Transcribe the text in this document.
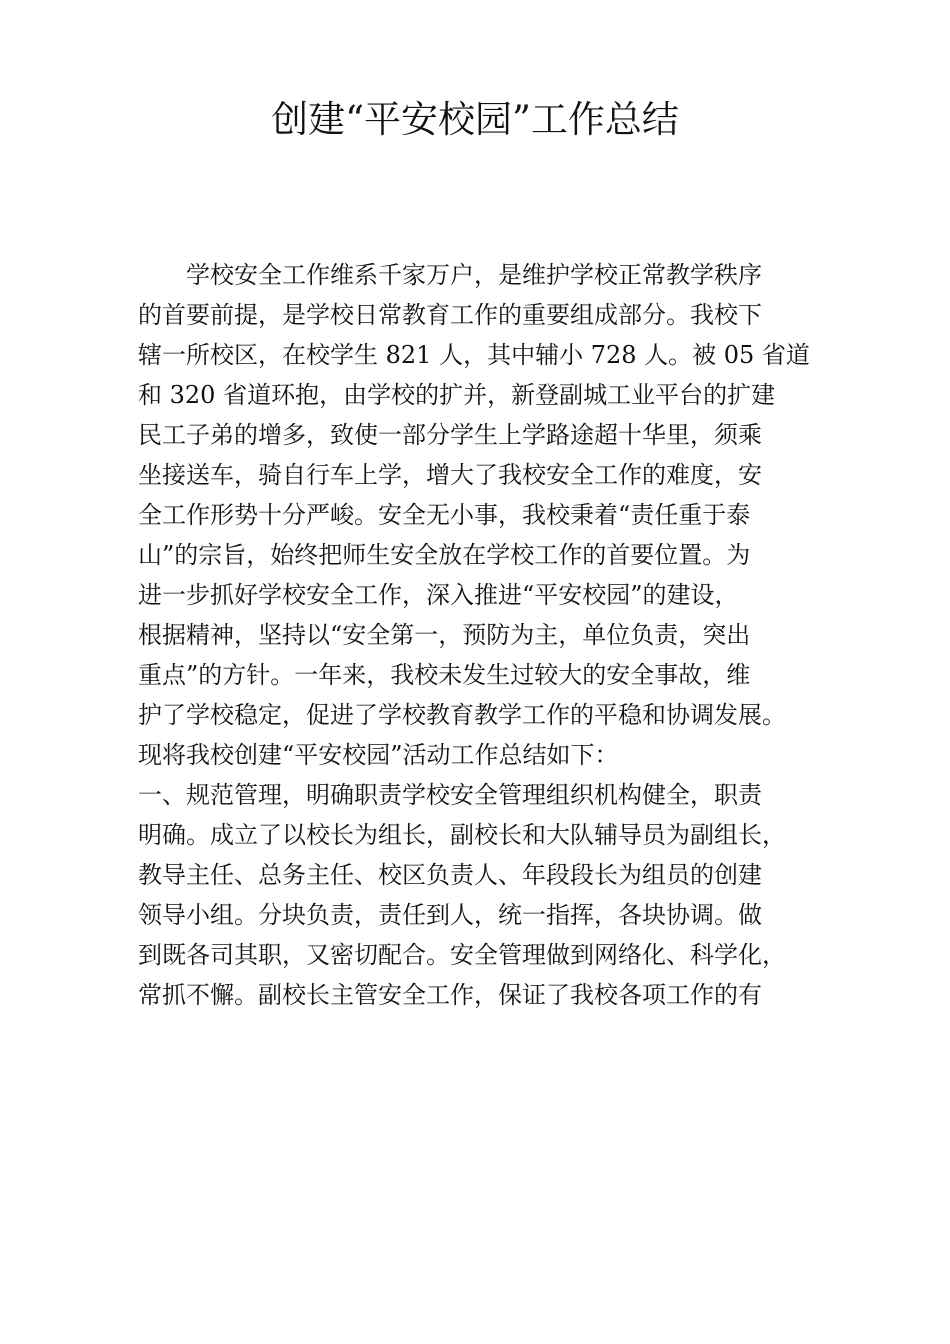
创建“平安校园”工作总结
　　学校安全工作维系千家万户，是维护学校正常教学秩序
的首要前提，是学校日常教育工作的重要组成部分。我校下
辖一所校区，在校学生 821 人，其中辅小 728 人。被 05 省道
和 320 省道环抱，由学校的扩并，新登副城工业平台的扩建
民工子弟的增多，致使一部分学生上学路途超十华里，须乘
坐接送车，骑自行车上学，增大了我校安全工作的难度，安
全工作形势十分严峻。安全无小事，我校秉着“责任重于泰
山”的宗旨，始终把师生安全放在学校工作的首要位置。为
进一步抓好学校安全工作，深入推进“平安校园”的建设，
根据精神，坚持以“安全第一，预防为主，单位负责，突出
重点”的方针。一年来，我校未发生过较大的安全事故，维
护了学校稳定，促进了学校教育教学工作的平稳和协调发展。
现将我校创建“平安校园”活动工作总结如下：
一、规范管理，明确职责学校安全管理组织机构健全，职责
明确。成立了以校长为组长，副校长和大队辅导员为副组长，
教导主任、总务主任、校区负责人、年段段长为组员的创建
领导小组。分块负责，责任到人，统一指挥，各块协调。做
到既各司其职，又密切配合。安全管理做到网络化、科学化，
常抓不懈。副校长主管安全工作，保证了我校各项工作的有
